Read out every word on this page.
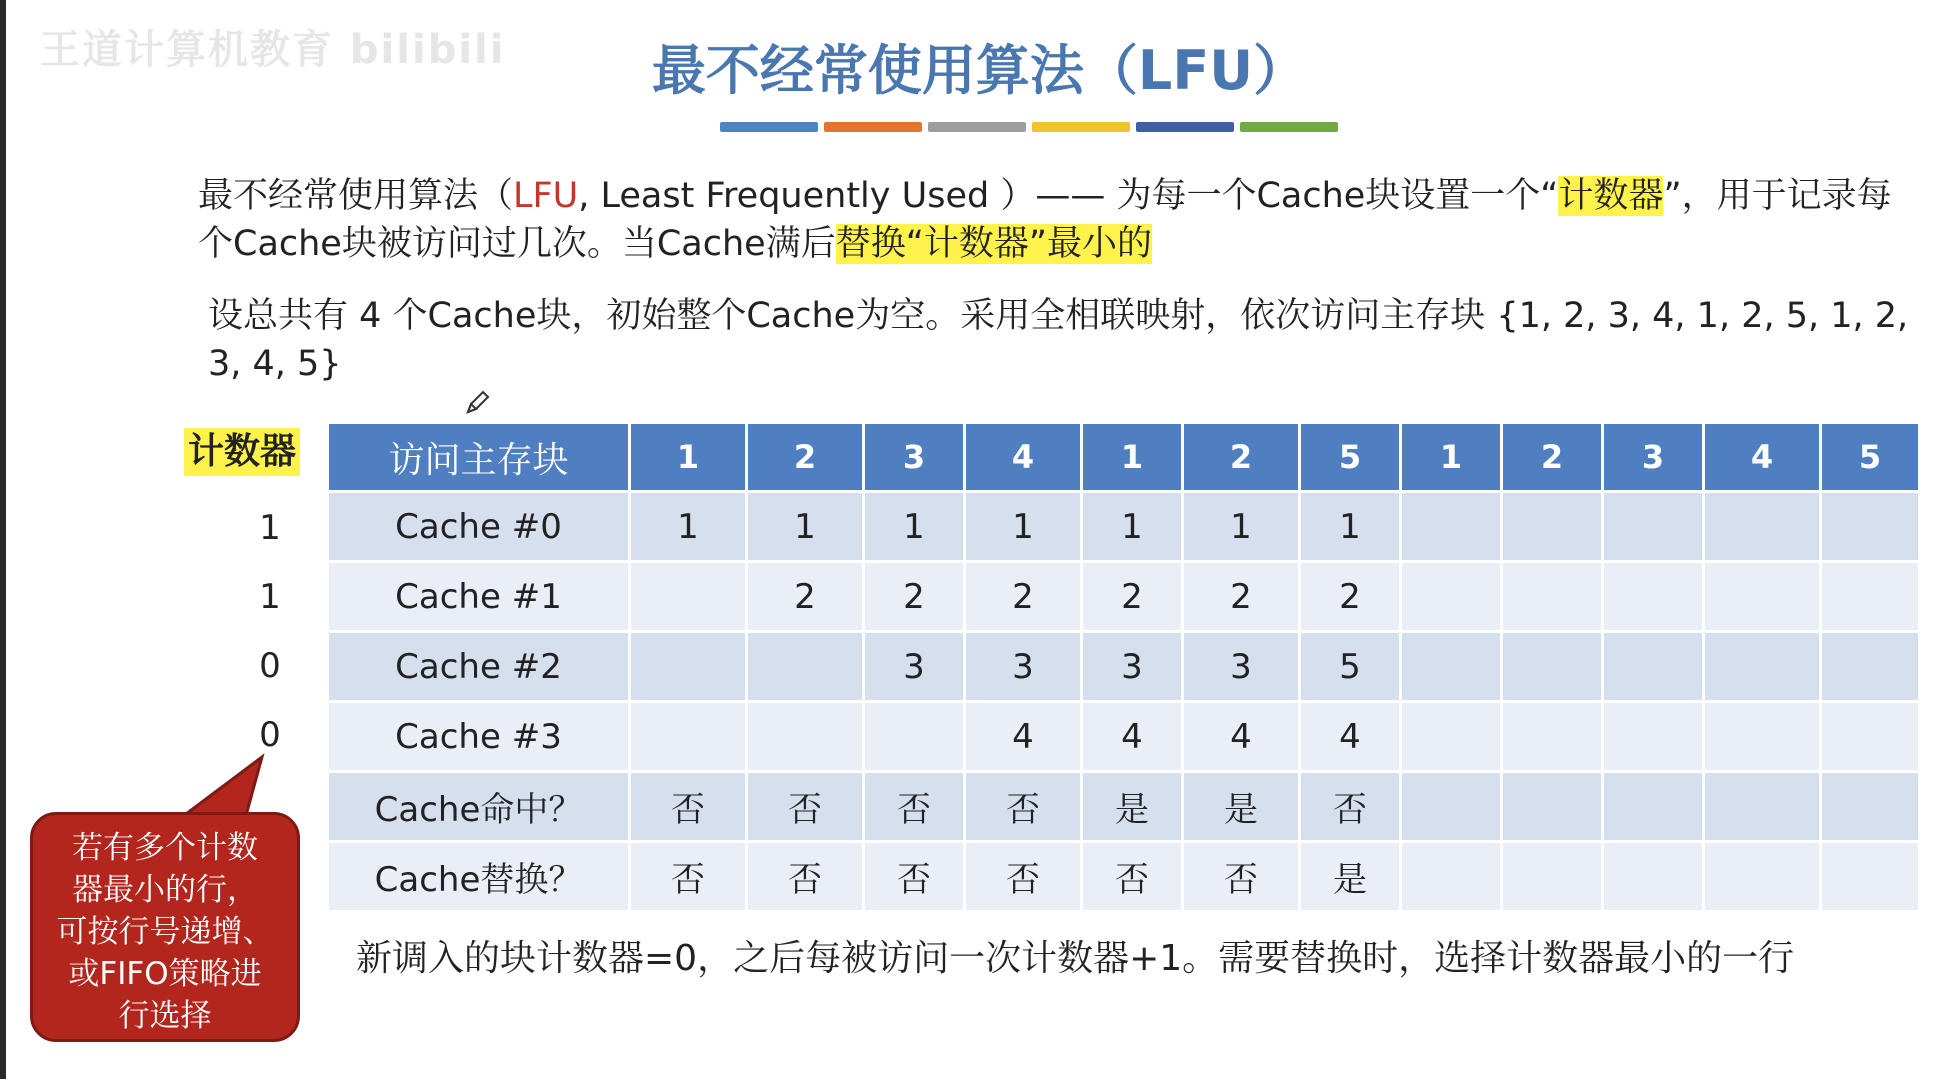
王道计算机教育 bilibili	最不经常使用算法（LFU）
最不经常使用算法（LFU, Least Frequently Used ）—— 为每一个Cache块设置一个“计数器”，用于记录每个Cache块被访问过几次。当Cache满后替换“计数器”最小的
设总共有 4 个Cache块，初始整个Cache为空。采用全相联映射，依次访问主存块 {1, 2, 3, 4, 1, 2, 5, 1, 2, 3, 4, 5}
计数器
1
1
0
0
访问主存块	1	2	3	4	1	2	5	1	2	3	4	5
Cache #0	1	1	1	1	1	1	1					
Cache #1		2	2	2	2	2	2					
Cache #2			3	3	3	3	5					
Cache #3				4	4	4	4					
Cache命中？	否	否	否	否	是	是	否					
Cache替换？	否	否	否	否	否	否	是					
新调入的块计数器=0，之后每被访问一次计数器+1。需要替换时，选择计数器最小的一行
若有多个计数
器最小的行，
可按行号递增、
或FIFO策略进
行选择
